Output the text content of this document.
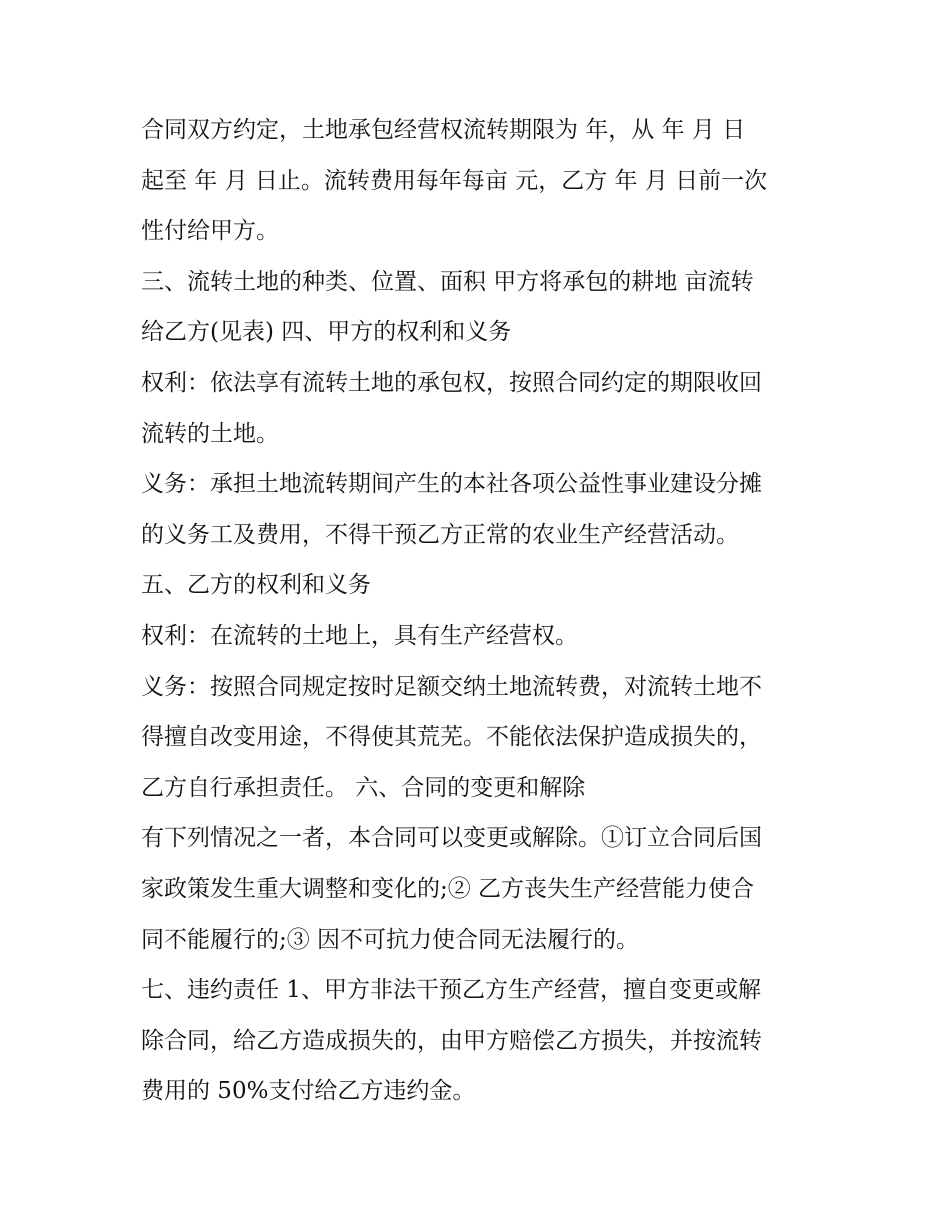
合同双方约定，土地承包经营权流转期限为 年，从 年 月 日
起至 年 月 日止。流转费用每年每亩 元，乙方 年 月 日前一次
性付给甲方。
三、流转土地的种类、位置、面积 甲方将承包的耕地 亩流转
给乙方(见表) 四、甲方的权利和义务
权利：依法享有流转土地的承包权，按照合同约定的期限收回
流转的土地。
义务：承担土地流转期间产生的本社各项公益性事业建设分摊
的义务工及费用，不得干预乙方正常的农业生产经营活动。
五、乙方的权利和义务
权利：在流转的土地上，具有生产经营权。
义务：按照合同规定按时足额交纳土地流转费，对流转土地不
得擅自改变用途，不得使其荒芜。不能依法保护造成损失的，
乙方自行承担责任。 六、合同的变更和解除
有下列情况之一者，本合同可以变更或解除。①订立合同后国
家政策发生重大调整和变化的;② 乙方丧失生产经营能力使合
同不能履行的;③ 因不可抗力使合同无法履行的。
七、违约责任 1、甲方非法干预乙方生产经营，擅自变更或解
除合同，给乙方造成损失的，由甲方赔偿乙方损失，并按流转
费用的 50%支付给乙方违约金。
